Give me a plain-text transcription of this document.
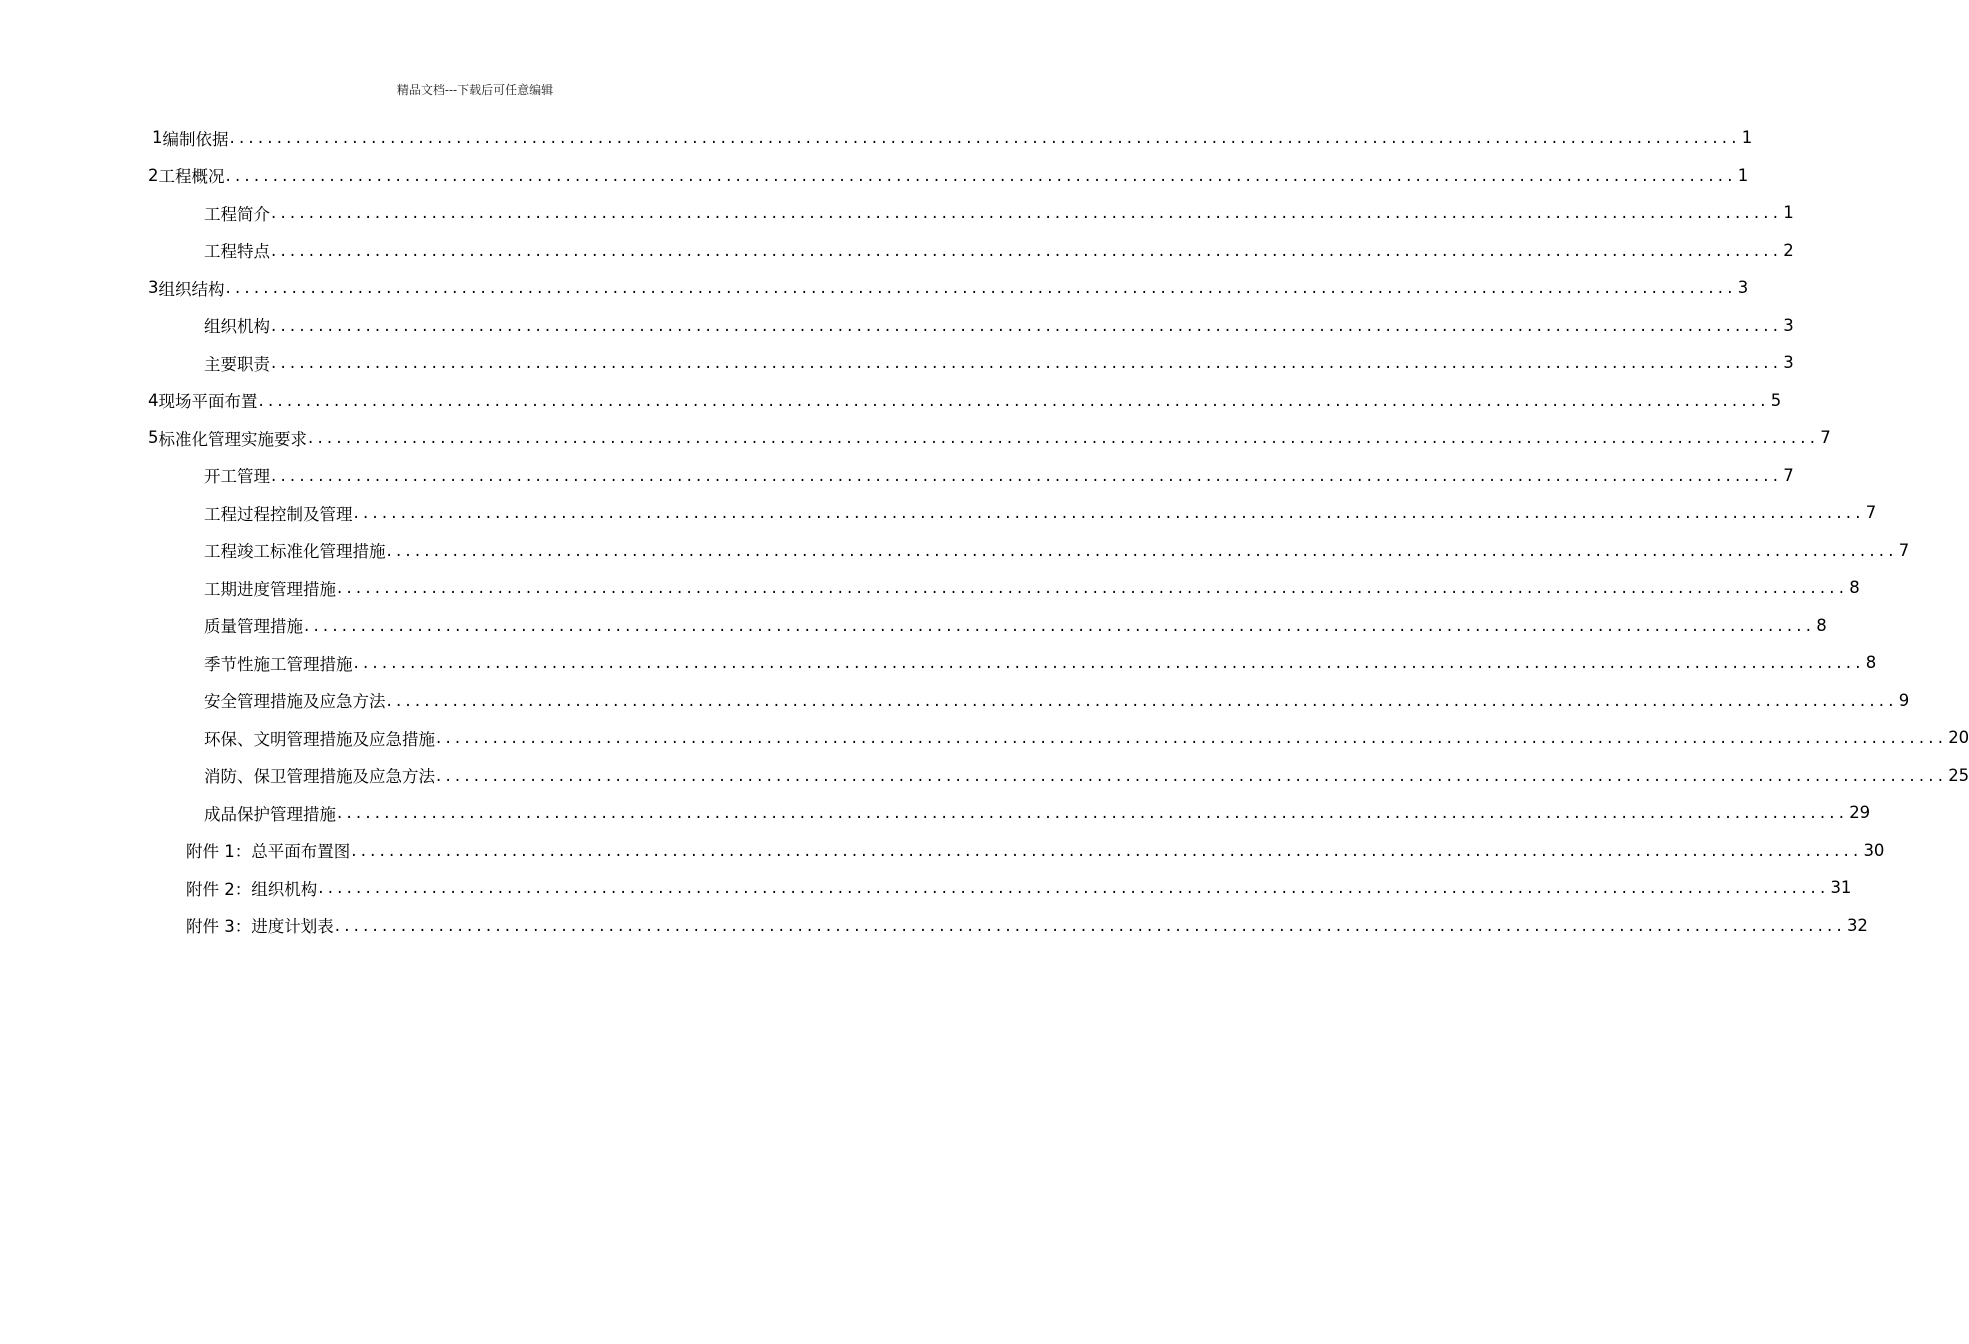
精品文档---下载后可任意编辑
1 编制依据 ................................................................................................................................................................ 1
2 工程概况 ................................................................................................................................................................ 1
工程简介 ................................................................................................................................................................ 1
工程特点 ................................................................................................................................................................ 2
3 组织结构 ................................................................................................................................................................ 3
组织机构 ................................................................................................................................................................ 3
主要职责 ................................................................................................................................................................ 3
4 现场平面布置 ................................................................................................................................................................ 5
5 标准化管理实施要求 ................................................................................................................................................................ 7
开工管理 ................................................................................................................................................................ 7
工程过程控制及管理 ................................................................................................................................................................ 7
工程竣工标准化管理措施 ................................................................................................................................................................ 7
工期进度管理措施 ................................................................................................................................................................ 8
质量管理措施 ................................................................................................................................................................ 8
季节性施工管理措施 ................................................................................................................................................................ 8
安全管理措施及应急方法 ................................................................................................................................................................ 9
环保、文明管理措施及应急措施 ................................................................................................................................................................ 20
消防、保卫管理措施及应急方法 ................................................................................................................................................................ 25
成品保护管理措施 ................................................................................................................................................................ 29
附件 1：总平面布置图 ................................................................................................................................................................ 30
附件 2：组织机构 ................................................................................................................................................................ 31
附件 3：进度计划表 ................................................................................................................................................................ 32
